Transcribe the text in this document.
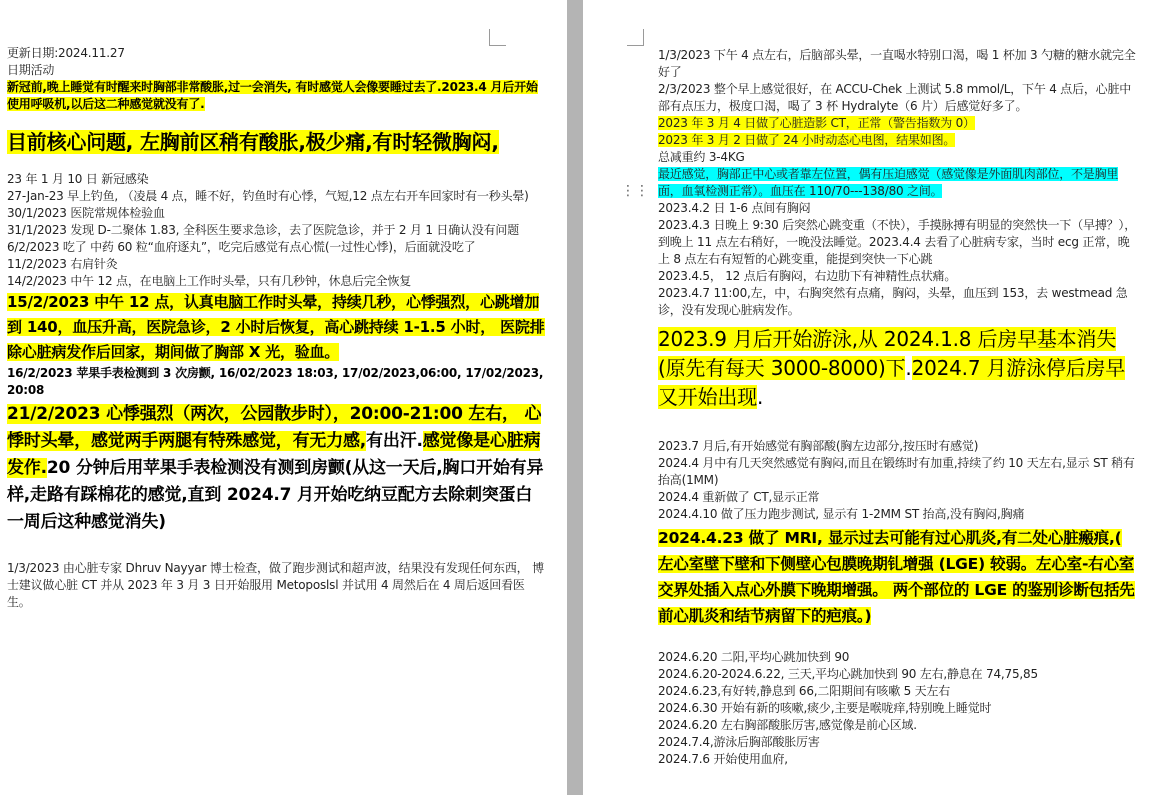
更新日期:2024.11.27

日期活动

新冠前,晚上睡觉有时醒来时胸部非常酸胀,过一会消失, 有时感觉人会像要睡过去了.2023.4 月后开始使用呼吸机,以后这二种感觉就没有了.

目前核心问题, 左胸前区稍有酸胀,极少痛,有时轻微胸闷,

23 年 1 月 10 日 新冠感染

27-Jan-23 早上钓鱼, （凌晨 4 点，睡不好，钓鱼时有心悸，气短,12 点左右开车回家时有一秒头晕)

30/1/2023 医院常规体检验血

31/1/2023 发现 D-二聚体 1.83, 全科医生要求急诊，去了医院急诊，并于 2 月 1 日确认没有问题

6/2/2023 吃了 中药 60 粒“血府逐丸”，吃完后感觉有点心慌(一过性心悸)，后面就没吃了

11/2/2023 右肩针灸

14/2/2023 中午 12 点，在电脑上工作时头晕，只有几秒钟，休息后完全恢复

15/2/2023 中午 12 点，认真电脑工作时头晕，持续几秒，心悸强烈，心跳增加到 140，血压升高，医院急诊，2 小时后恢复，高心跳持续 1-1.5 小时， 医院排除心脏病发作后回家，期间做了胸部 X 光，验血。

16/2/2023 苹果手表检测到 3 次房颤, 16/02/2023 18:03, 17/02/2023,06:00, 17/02/2023, 20:08

21/2/2023 心悸强烈（两次，公园散步时），20:00-21:00 左右， 心悸时头晕，感觉两手两腿有特殊感觉，有无力感,有出汗.感觉像是心脏病发作.20 分钟后用苹果手表检测没有测到房颤(从这一天后,胸口开始有异样,走路有踩棉花的感觉,直到 2024.7 月开始吃纳豆配方去除刺突蛋白一周后这种感觉消失)

1/3/2023 由心脏专家 Dhruv Nayyar 博士检查，做了跑步测试和超声波，结果没有发现任何东西， 博士建议做心脏 CT 并从 2023 年 3 月 3 日开始服用 Metoposlsl 并试用 4 周然后在 4 周后返回看医生。

1/3/2023 下午 4 点左右，后脑部头晕，一直喝水特别口渴，喝 1 杯加 3 勺糖的糖水就完全好了

2/3/2023 整个早上感觉很好，在 ACCU-Chek 上测试 5.8 mmol/L，下午 4 点后，心脏中部有点压力，极度口渴，喝了 3 杯 Hydralyte（6 片）后感觉好多了。

2023 年 3 月 4 日做了心脏造影 CT，正常（警告指数为 0）

2023 年 3 月 2 日做了 24 小时动态心电图，结果如图。

总减重约 3-4KG

最近感觉，胸部正中心或者靠左位置，偶有压迫感觉（感觉像是外面肌肉部位，不是胸里面，血氧检测正常）。血压在 110/70---138/80 之间。

2023.4.2 日 1-6 点间有胸闷

2023.4.3 日晚上 9:30 后突然心跳变重（不快），手摸脉搏有明显的突然快一下（早搏？），到晚上 11 点左右稍好，一晚没法睡觉。2023.4.4 去看了心脏病专家，当时 ecg 正常，晚上 8 点左右有短暂的心跳变重，能提到突快一下心跳

2023.4.5， 12 点后有胸闷，右边肋下有神精性点状痛。

2023.4.7 11:00,左，中，右胸突然有点痛，胸闷，头晕，血压到 153，去 westmead 急诊，没有发现心脏病发作。

2023.9 月后开始游泳,从 2024.1.8 后房早基本消失(原先有每天 3000-8000)下.2024.7 月游泳停后房早又开始出现.

2023.7 月后,有开始感觉有胸部酸(胸左边部分,按压时有感觉)

2024.4 月中有几天突然感觉有胸闷,而且在锻练时有加重,持续了约 10 天左右,显示 ST 稍有抬高(1MM)

2024.4 重新做了 CT,显示正常

2024.4.10 做了压力跑步测试, 显示有 1-2MM ST 抬高,没有胸闷,胸痛

2024.4.23 做了 MRI, 显示过去可能有过心肌炎,有二处心脏瘢痕,( 左心室壁下壁和下侧壁心包膜晚期钆增强 (LGE) 较弱。左心室-右心室交界处插入点心外膜下晚期增强。 两个部位的 LGE 的鉴别诊断包括先前心肌炎和结节病留下的疤痕。)

2024.6.20 二阳,平均心跳加快到 90

2024.6.20-2024.6.22, 三天,平均心跳加快到 90 左右,静息在 74,75,85

2024.6.23,有好转,静息到 66,二阳期间有咳嗽 5 天左右

2024.6.30 开始有新的咳嗽,痰少,主要是喉咙痒,特别晚上睡觉时

2024.6.20 左右胸部酸胀厉害,感觉像是前心区域.

2024.7.4,游泳后胸部酸胀厉害

2024.7.6 开始使用血府,

⋮⋮
